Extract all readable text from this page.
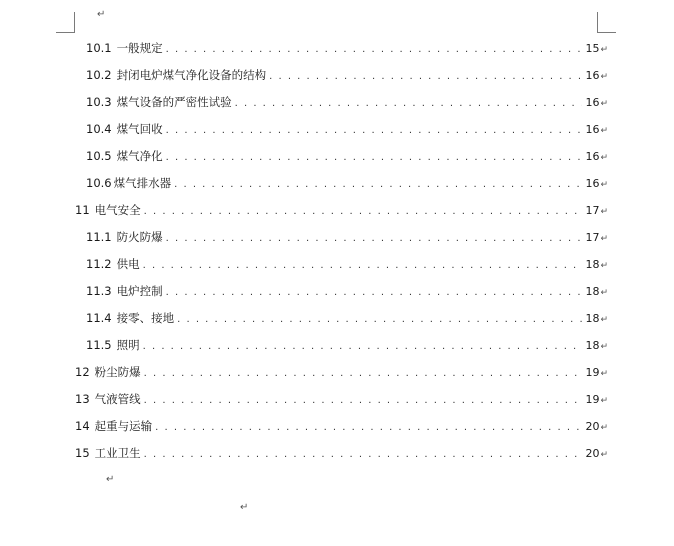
↵
10.1 一般规定 . . .	15 ↵
10.2 封闭电炉煤气净化设备的结构 . . .	16 ↵
10.3 煤气设备的严密性试验 . . .	16 ↵
10.4 煤气回收 . . .	16 ↵
10.5 煤气净化 . . .	16 ↵
10.6 煤气排水器 . . .	16 ↵
11 电气安全 . . .	17 ↵
11.1 防火防爆 . . .	17 ↵
11.2 供电 . . .	18 ↵
11.3 电炉控制 . . .	18 ↵
11.4 接零、接地 . . .	18 ↵
11.5 照明 . . .	18 ↵
12 粉尘防爆 . . .	19 ↵
13 气液管线 . . .	19 ↵
14 起重与运输 . . .	20 ↵
15 工业卫生 . . .	20 ↵
↵
↵
